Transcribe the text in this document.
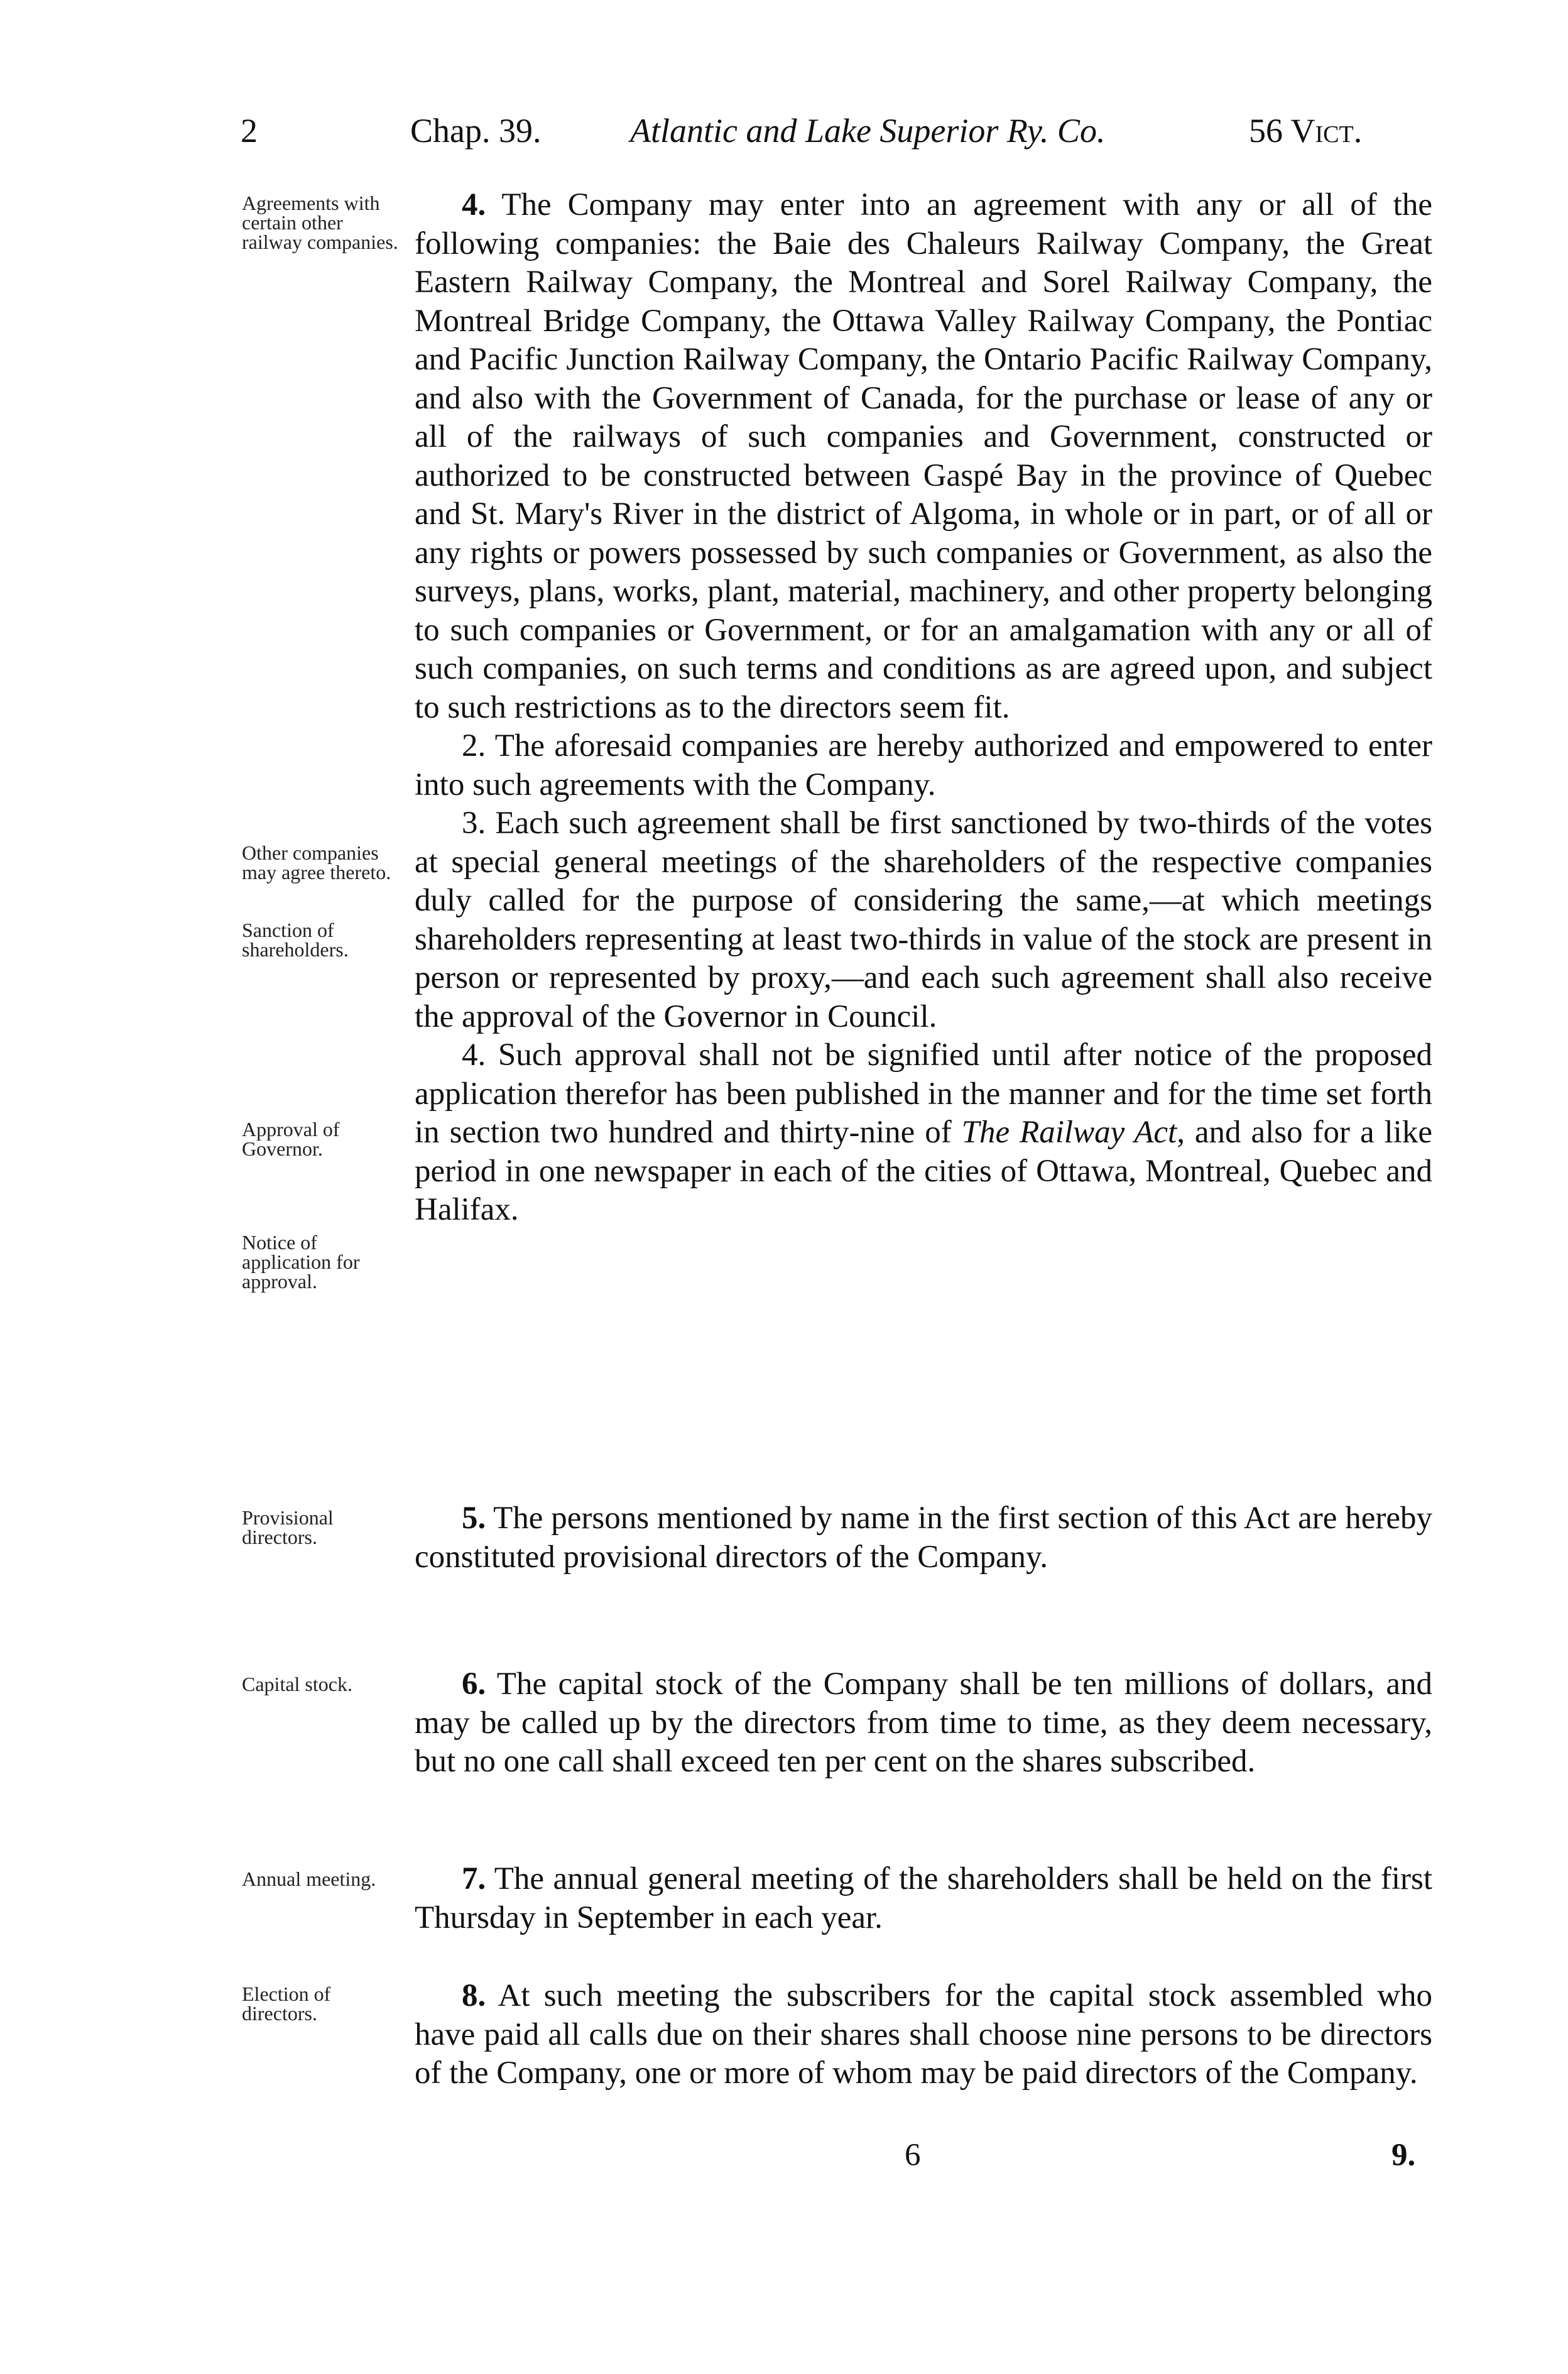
2	Chap. 39.	Atlantic and Lake Superior Ry. Co.	56 Vict.
Agreements with certain other railway companies.
Other companies may agree thereto.
Sanction of shareholders.
Approval of Governor.
Notice of application for approval.
Provisional directors.
Capital stock.
Annual meeting.
Election of directors.

4. The Company may enter into an agreement with any or all of the following companies: the Baie des Chaleurs Railway Company, the Great Eastern Railway Company, the Montreal and Sorel Railway Company, the Montreal Bridge Company, the Ottawa Valley Railway Company, the Pontiac and Pacific Junction Railway Company, the Ontario Pacific Railway Company, and also with the Government of Canada, for the purchase or lease of any or all of the railways of such companies and Government, constructed or authorized to be constructed between Gaspé Bay in the province of Quebec and St. Mary's River in the district of Algoma, in whole or in part, or of all or any rights or powers possessed by such companies or Government, as also the surveys, plans, works, plant, material, machinery, and other property belonging to such companies or Government, or for an amalgamation with any or all of such companies, on such terms and conditions as are agreed upon, and subject to such restrictions as to the directors seem fit.

2. The aforesaid companies are hereby authorized and empowered to enter into such agreements with the Company.

3. Each such agreement shall be first sanctioned by two-thirds of the votes at special general meetings of the shareholders of the respective companies duly called for the purpose of considering the same,—at which meetings shareholders representing at least two-thirds in value of the stock are present in person or represented by proxy,—and each such agreement shall also receive the approval of the Governor in Council.

4. Such approval shall not be signified until after notice of the proposed application therefor has been published in the manner and for the time set forth in section two hundred and thirty-nine of The Railway Act, and also for a like period in one newspaper in each of the cities of Ottawa, Montreal, Quebec and Halifax.

5. The persons mentioned by name in the first section of this Act are hereby constituted provisional directors of the Company.

6. The capital stock of the Company shall be ten millions of dollars, and may be called up by the directors from time to time, as they deem necessary, but no one call shall exceed ten per cent on the shares subscribed.

7. The annual general meeting of the shareholders shall be held on the first Thursday in September in each year.

8. At such meeting the subscribers for the capital stock assembled who have paid all calls due on their shares shall choose nine persons to be directors of the Company, one or more of whom may be paid directors of the Company.

6	9.
